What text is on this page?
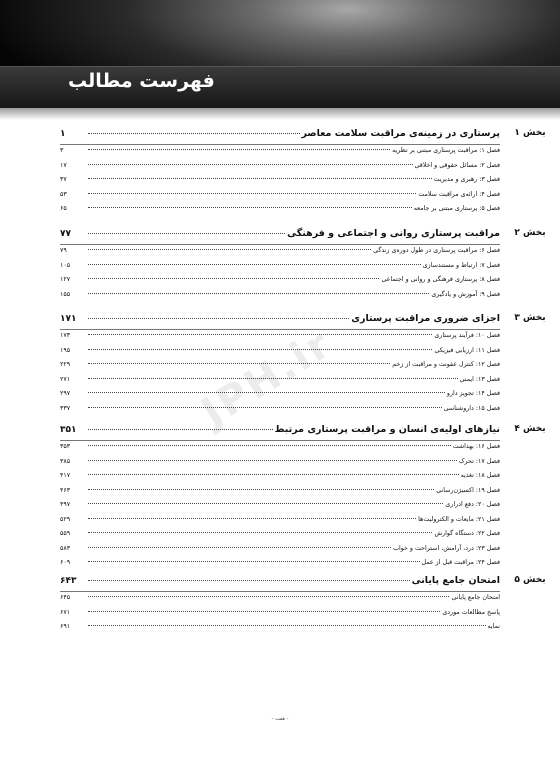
فهرست مطالب
JPH.ir
بخش ۱
پرستاری در زمینه‌ی مراقبت سلامت معاصر
۱
فصل ۱: مراقبت پرستاری مبتنی بر نظریه
۳
فصل ۲: مسائل حقوقی و اخلاقی
۱۷
فصل ۳: رهبری و مدیریت
۳۷
فصل ۴: ارائه‌ی مراقبت سلامت
۵۳
فصل ۵: پرستاری مبتنی بر جامعه
۶۵
بخش ۲
مراقبت پرستاری روانی و اجتماعی و فرهنگی
۷۷
فصل ۶: مراقبت پرستاری در طول دوره‌ی زندگی
۷۹
فصل ۷: ارتباط و مستندسازی
۱۰۵
فصل ۸: پرستاری فرهنگی و روانی و اجتماعی
۱۲۷
فصل ۹: آموزش و یادگیری
۱۵۵
بخش ۳
اجزای ضروری مراقبت پرستاری
۱۷۱
فصل ۱۰: فرآیند پرستاری
۱۷۳
فصل ۱۱: ارزیابی فیزیکی
۱۹۵
فصل ۱۲: کنترل عفونت و مراقبت از زخم
۲۲۹
فصل ۱۳: ایمنی
۲۷۱
فصل ۱۴: تجویز دارو
۲۹۷
فصل ۱۵: داروشناسی
۳۳۷
بخش ۴
نیازهای اولیه‌ی انسان و مراقبت پرستاری مرتبط
۳۵۱
فصل ۱۶: بهداشت
۳۵۳
فصل ۱۷: تحرک
۳۸۵
فصل ۱۸: تغذیه
۴۱۷
فصل ۱۹: اکسیژن‌رسانی
۴۶۳
فصل ۲۰: دفع ادراری
۴۹۷
فصل ۲۱: مایعات و الکترولیت‌ها
۵۲۹
فصل ۲۲: دستگاه گوارش
۵۵۹
فصل ۲۳: درد، آرامش، استراحت و خواب
۵۸۳
فصل ۲۴: مراقبت قبل از عمل
۶۰۹
بخش ۵
امتحان جامع پایانی
۶۴۳
امتحان جامع پایانی
۶۴۵
پاسخ مطالعات موردی
۶۷۱
نمایه
۶۹۱
- هفت -
